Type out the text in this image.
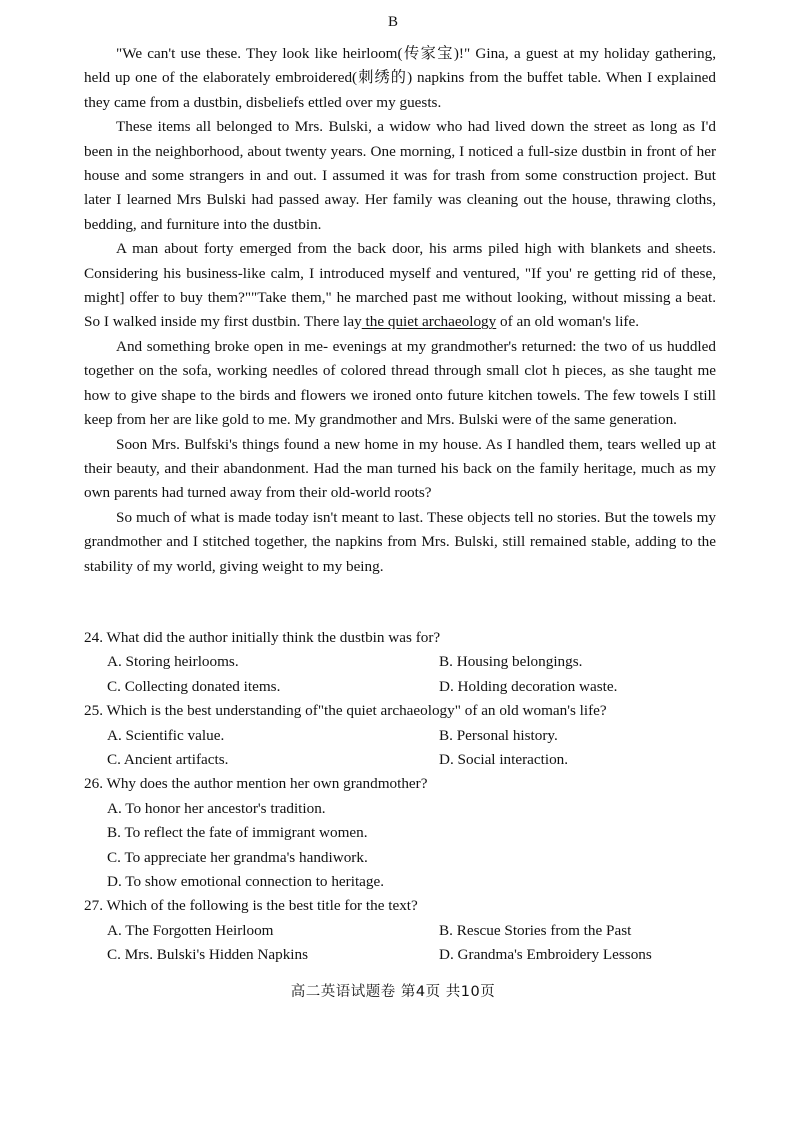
B

"We can't use these. They look like heirloom(传家宝)!" Gina, a guest at my holiday gathering, held up one of the elaborately embroidered(刺绣的) napkins from the buffet table. When I explained they came from a dustbin, disbeliefs ettled over my guests.

These items all belonged to Mrs. Bulski, a widow who had lived down the street as long as I'd been in the neighborhood, about twenty years. One morning, I noticed a full-size dustbin in front of her house and some strangers in and out. I assumed it was for trash from some construction project. But later I learned Mrs Bulski had passed away. Her family was cleaning out the house, thrawing cloths, bedding, and furniture into the dustbin.

A man about forty emerged from the back door, his arms piled high with blankets and sheets. Considering his business-like calm, I introduced myself and ventured, "If you' re getting rid of these, might] offer to buy them?""Take them," he marched past me without looking, without missing a beat. So I walked inside my first dustbin. There lay the quiet archaeology of an old woman's life.

And something broke open in me- evenings at my grandmother's returned: the two of us huddled together on the sofa, working needles of colored thread through small clot h pieces, as she taught me how to give shape to the birds and flowers we ironed onto future kitchen towels. The few towels I still keep from her are like gold to me. My grandmother and Mrs. Bulski were of the same generation.

Soon Mrs. Bulfski's things found a new home in my house. As I handled them, tears welled up at their beauty, and their abandonment. Had the man turned his back on the family heritage, much as my own parents had turned away from their old-world roots?

So much of what is made today isn't meant to last. These objects tell no stories. But the towels my grandmother and I stitched together, the napkins from Mrs. Bulski, still remained stable, adding to the stability of my world, giving weight to my being.

24. What did the author initially think the dustbin was for?

A. Storing heirlooms.	B. Housing belongings.

C. Collecting donated items.	D. Holding decoration waste.

25. Which is the best understanding of"the quiet archaeology" of an old woman's life?

A. Scientific value.	B. Personal history.

C. Ancient artifacts.	D. Social interaction.

26. Why does the author mention her own grandmother?

A. To honor her ancestor's tradition.

B. To reflect the fate of immigrant women.

C. To appreciate her grandma's handiwork.

D. To show emotional connection to heritage.

27. Which of the following is the best title for the text?

A. The Forgotten Heirloom	B. Rescue Stories from the Past

C. Mrs. Bulski's Hidden Napkins	D. Grandma's Embroidery Lessons

高二英语试题卷 第4页 共10页
